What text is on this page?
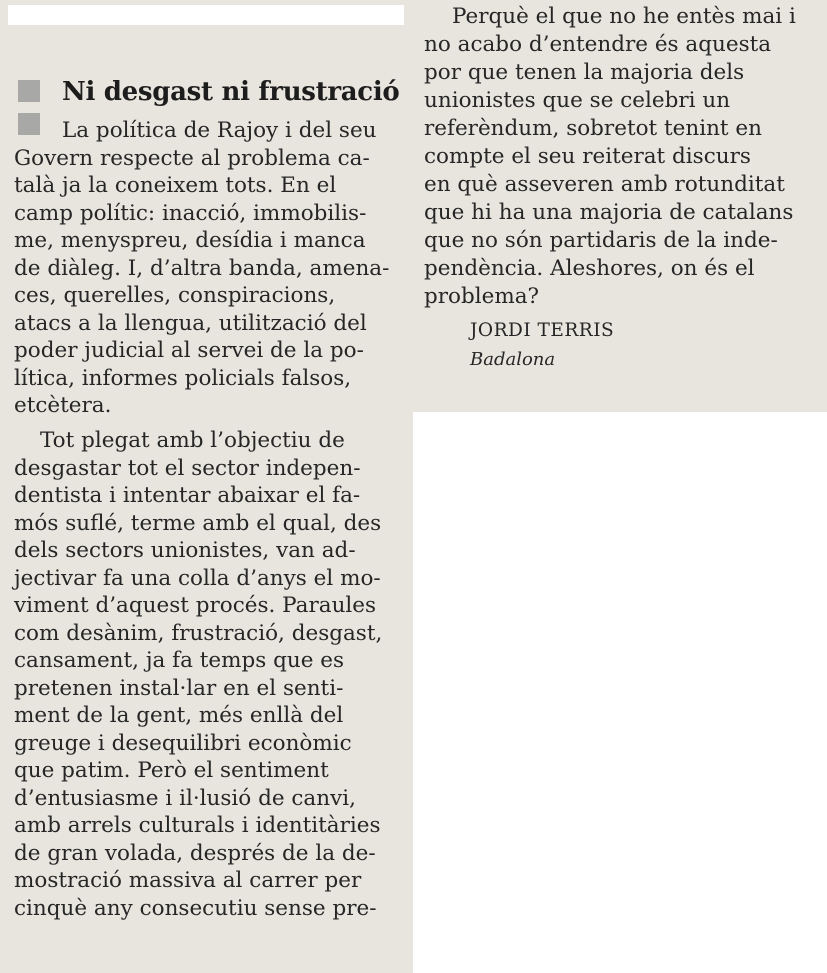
Ni desgast ni frustració
La política de Rajoy i del seu
Govern respecte al problema ca-
talà ja la coneixem tots. En el
camp polític: inacció, immobilis-
me, menyspreu, desídia i manca
de diàleg. I, d’altra banda, amena-
ces, querelles, conspiracions,
atacs a la llengua, utilització del
poder judicial al servei de la po-
lítica, informes policials falsos,
etcètera.
Tot plegat amb l’objectiu de
desgastar tot el sector indepen-
dentista i intentar abaixar el fa-
mós suflé, terme amb el qual, des
dels sectors unionistes, van ad-
jectivar fa una colla d’anys el mo-
viment d’aquest procés. Paraules
com desànim, frustració, desgast,
cansament, ja fa temps que es
pretenen instal·lar en el senti-
ment de la gent, més enllà del
greuge i desequilibri econòmic
que patim. Però el sentiment
d’entusiasme i il·lusió de canvi,
amb arrels culturals i identitàries
de gran volada, després de la de-
mostració massiva al carrer per
cinquè any consecutiu sense pre-
Perquè el que no he entès mai i
no acabo d’entendre és aquesta
por que tenen la majoria dels
unionistes que se celebri un
referèndum, sobretot tenint en
compte el seu reiterat discurs
en què asseveren amb rotunditat
que hi ha una majoria de catalans
que no són partidaris de la inde-
pendència. Aleshores, on és el
problema?
JORDI TERRIS
Badalona
